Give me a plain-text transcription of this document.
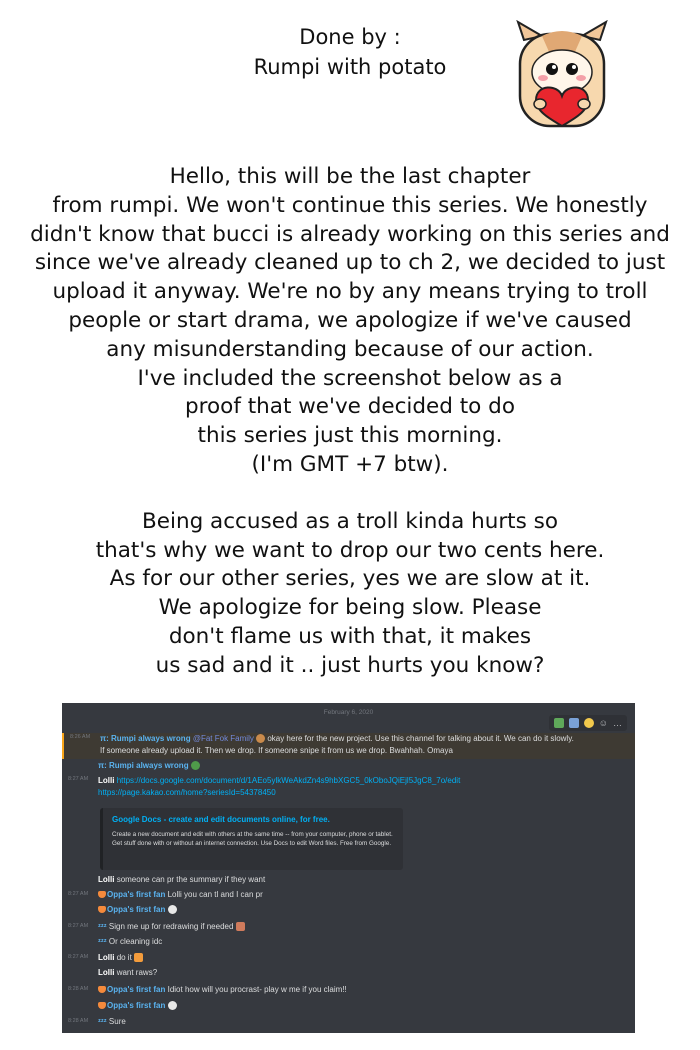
Done by :
Rumpi with potato
Hello, this will be the last chapter
from rumpi. We won't continue this series. We honestly
didn't know that bucci is already working on this series and
since we've already cleaned up to ch 2, we decided to just
upload it anyway. We're no by any means trying to troll
people or start drama, we apologize if we've caused
any misunderstanding because of our action.
I've included the screenshot below as a
proof that we've decided to do
this series just this morning.
(I'm GMT +7 btw).
Being accused as a troll kinda hurts so
that's why we want to drop our two cents here.
As for our other series, yes we are slow at it.
We apologize for being slow. Please
don't flame us with that, it makes
us sad and it .. just hurts you know?
February 6, 2020
☺ …
8:26 AM π: Rumpi always wrong @Fat Fok Family okay here for the new project. Use this channel for talking about it. We can do it slowly.
If someone already upload it. Then we drop. If someone snipe it from us we drop. Bwahhah. Omaya
π: Rumpi always wrong
8:27 AM Lolli https://docs.google.com/document/d/1AEo5ylkWeAkdZn4s9hbXGC5_0kOboJQiEjl5JgC8_7o/edit
https://page.kakao.com/home?seriesId=54378450
Google Docs - create and edit documents online, for free.
Create a new document and edit with others at the same time -- from your computer, phone or tablet. Get stuff done with or without an internet connection. Use Docs to edit Word files. Free from Google.
Lolli someone can pr the summary if they want
8:27 AM	Oppa's first fan Lolli you can tl and I can pr
Oppa's first fan
8:27 AM ᶻᶻᶻ Sign me up for redrawing if needed
ᶻᶻᶻ Or cleaning idc
8:27 AM Lolli do it
Lolli want raws?
8:28 AM	Oppa's first fan Idiot how will you procrast- play w me if you claim!!
Oppa's first fan
8:28 AM ᶻᶻᶻ Sure
